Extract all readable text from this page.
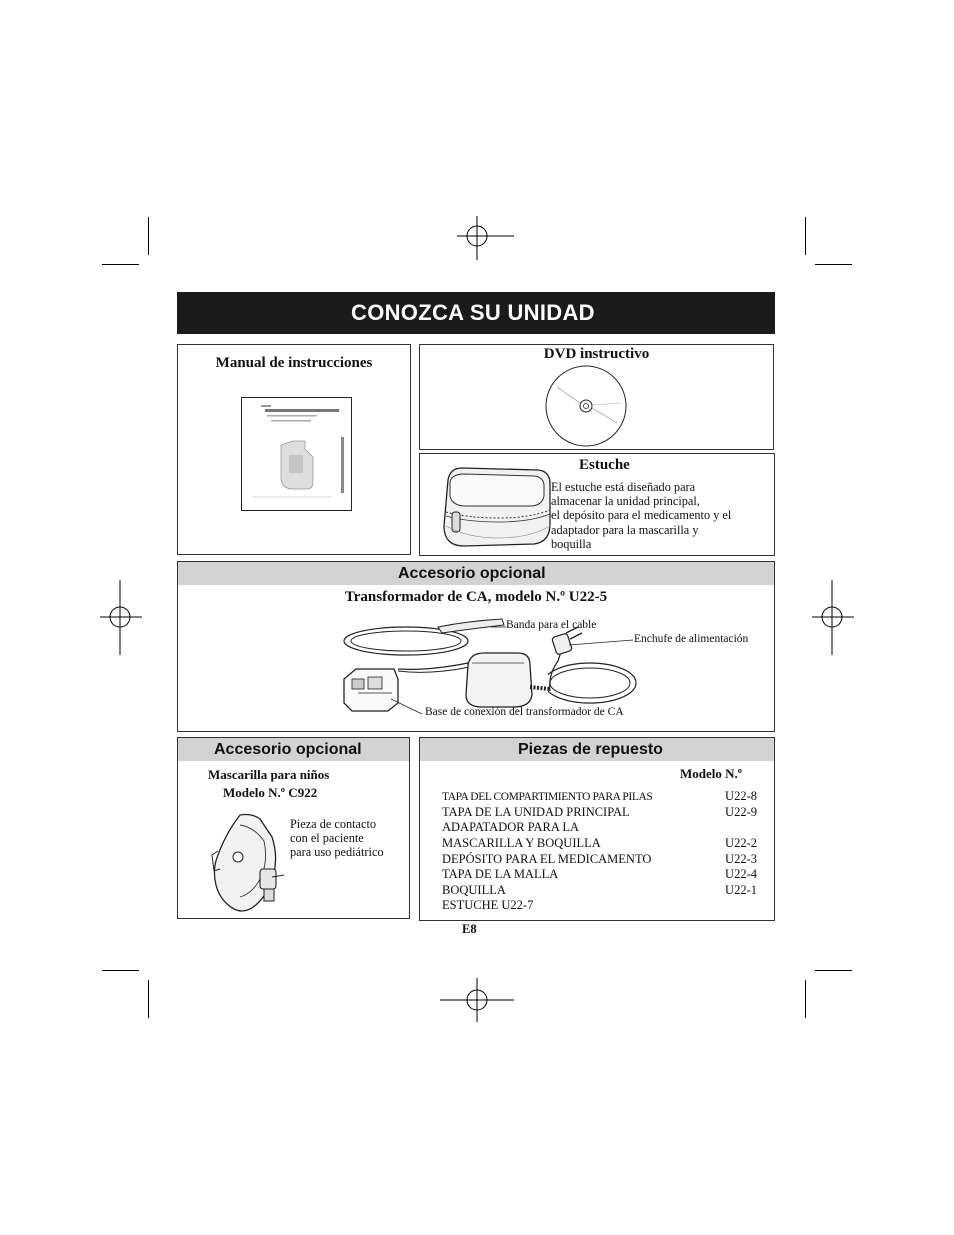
CONOZCA SU UNIDAD
Manual de instrucciones
DVD instructivo
Estuche
El estuche está diseñado para
almacenar la unidad principal,
el depósito para el medicamento y el
adaptador para la mascarilla y
boquilla
Accesorio opcional
Transformador de CA, modelo N.º U22-5
Banda para el cable
Enchufe de alimentación
Base de conexión del transformador de CA
Accesorio opcional
Mascarilla para niños
Modelo N.º C922
Pieza de contacto
con el paciente
para uso pediátrico
Piezas de repuesto
Modelo N.º
TAPA DEL COMPARTIMIENTO PARA PILAS	U22-8
TAPA DE LA UNIDAD PRINCIPAL	U22-9
ADAPATADOR PARA LA
MASCARILLA Y BOQUILLA	U22-2
DEPÓSITO PARA EL MEDICAMENTO	U22-3
TAPA DE LA MALLA	U22-4
BOQUILLA	U22-1
ESTUCHE U22-7
E8
